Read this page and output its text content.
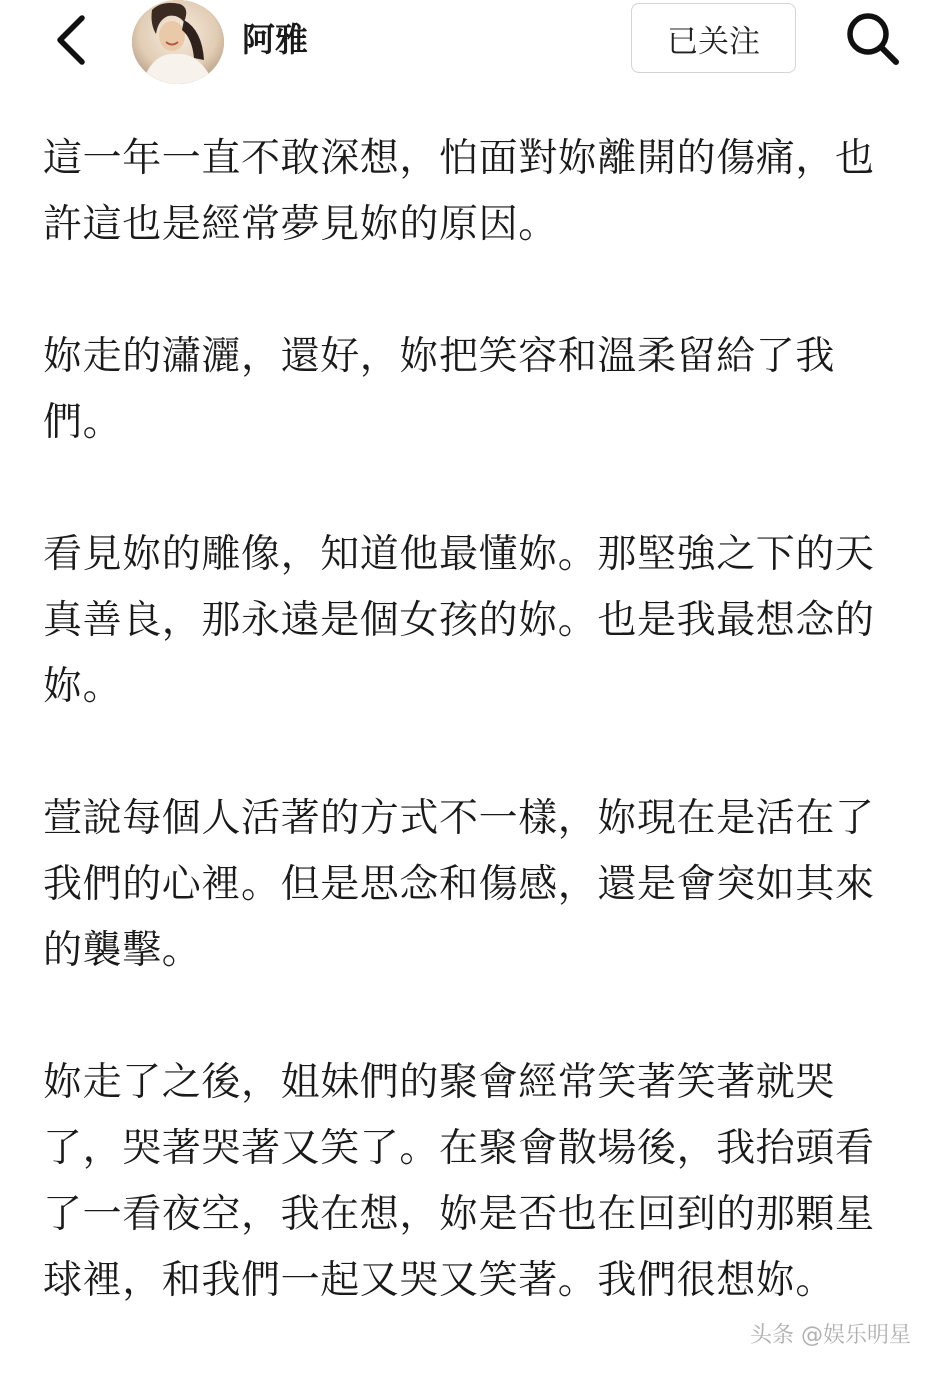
阿雅	已关注

這一年一直不敢深想，怕面對妳離開的傷痛，也許這也是經常夢見妳的原因。

妳走的瀟灑，還好，妳把笑容和溫柔留給了我們。

看見妳的雕像，知道他最懂妳。那堅強之下的天真善良，那永遠是個女孩的妳。也是我最想念的妳。

萱說每個人活著的方式不一樣，妳現在是活在了我們的心裡。但是思念和傷感，還是會突如其來的襲擊。

妳走了之後，姐妹們的聚會經常笑著笑著就哭了，哭著哭著又笑了。在聚會散場後，我抬頭看了一看夜空，我在想，妳是否也在回到的那顆星球裡，和我們一起又哭又笑著。我們很想妳。

头条 @娱乐明星
